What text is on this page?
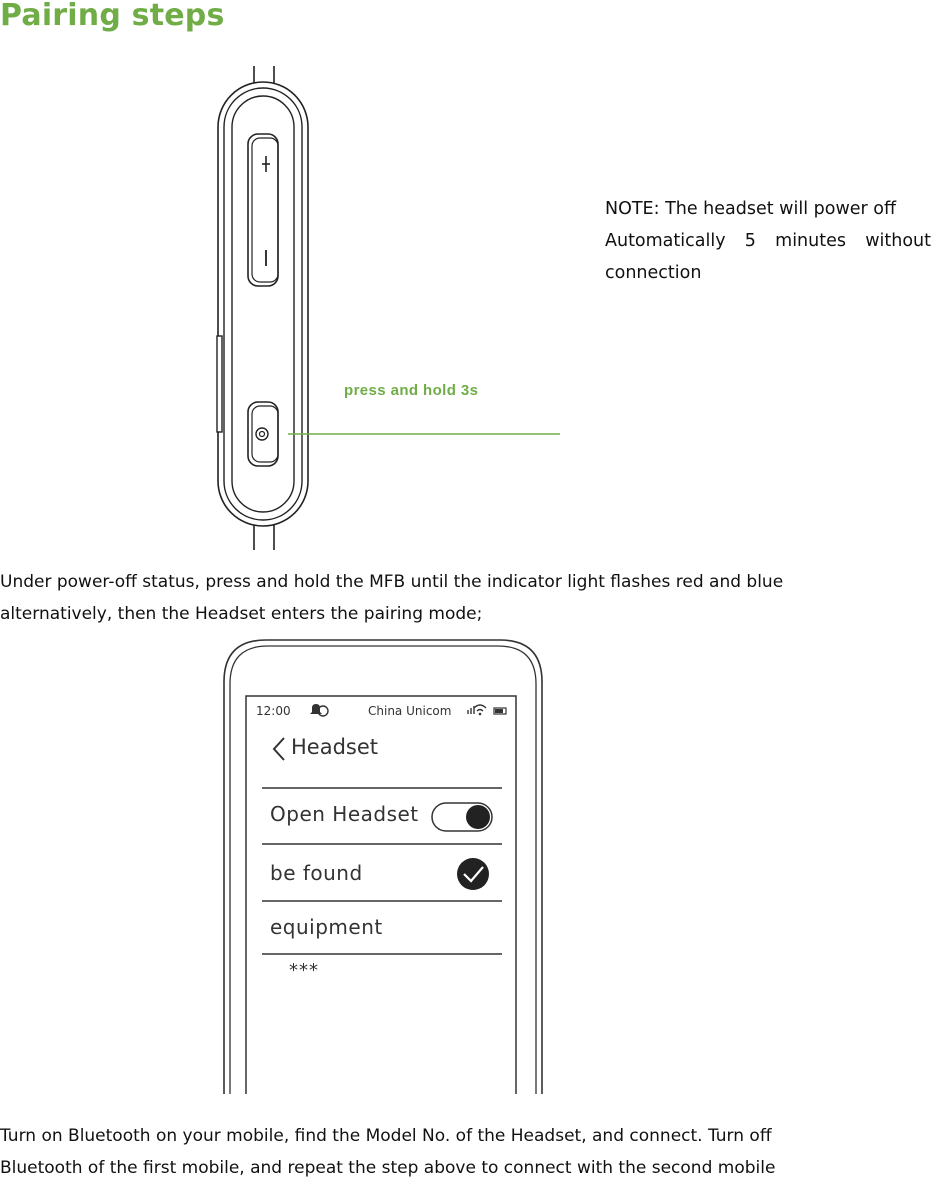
Pairing steps
press and hold 3s

NOTE: The headset will power off
Automatically 5 minutes without
connection

Under power-off status, press and hold the MFB until the indicator light flashes red and blue
alternatively, then the Headset enters the pairing mode;

12:00	China Unicom
Headset
Open Headset
be found
equipment
***

Turn on Bluetooth on your mobile, find the Model No. of the Headset, and connect. Turn off
Bluetooth of the first mobile, and repeat the step above to connect with the second mobile
